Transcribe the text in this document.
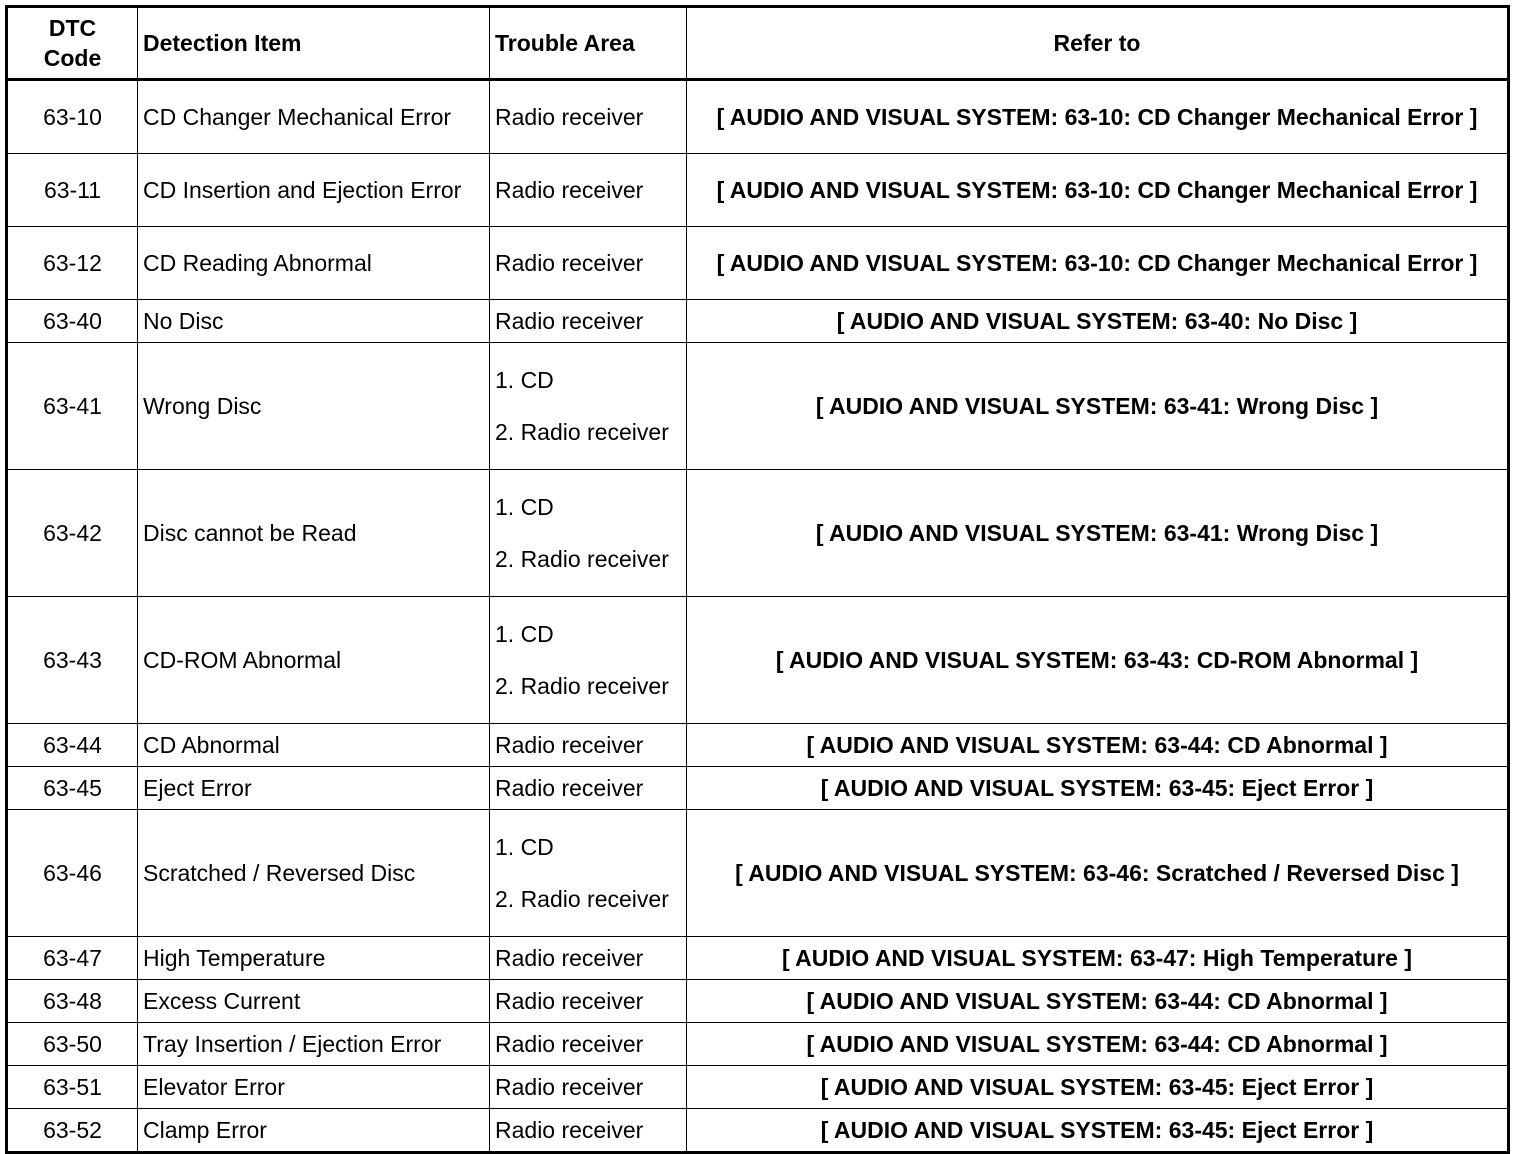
DTC
Code	Detection Item	Trouble Area	Refer to
63-10	CD Changer Mechanical Error	Radio receiver	[ AUDIO AND VISUAL SYSTEM: 63-10: CD Changer Mechanical Error ]
63-11	CD Insertion and Ejection Error	Radio receiver	[ AUDIO AND VISUAL SYSTEM: 63-10: CD Changer Mechanical Error ]
63-12	CD Reading Abnormal	Radio receiver	[ AUDIO AND VISUAL SYSTEM: 63-10: CD Changer Mechanical Error ]
63-40	No Disc	Radio receiver	[ AUDIO AND VISUAL SYSTEM: 63-40: No Disc ]
63-41	Wrong Disc	1. CD
2. Radio receiver	[ AUDIO AND VISUAL SYSTEM: 63-41: Wrong Disc ]
63-42	Disc cannot be Read	1. CD
2. Radio receiver	[ AUDIO AND VISUAL SYSTEM: 63-41: Wrong Disc ]
63-43	CD-ROM Abnormal	1. CD
2. Radio receiver	[ AUDIO AND VISUAL SYSTEM: 63-43: CD-ROM Abnormal ]
63-44	CD Abnormal	Radio receiver	[ AUDIO AND VISUAL SYSTEM: 63-44: CD Abnormal ]
63-45	Eject Error	Radio receiver	[ AUDIO AND VISUAL SYSTEM: 63-45: Eject Error ]
63-46	Scratched / Reversed Disc	1. CD
2. Radio receiver	[ AUDIO AND VISUAL SYSTEM: 63-46: Scratched / Reversed Disc ]
63-47	High Temperature	Radio receiver	[ AUDIO AND VISUAL SYSTEM: 63-47: High Temperature ]
63-48	Excess Current	Radio receiver	[ AUDIO AND VISUAL SYSTEM: 63-44: CD Abnormal ]
63-50	Tray Insertion / Ejection Error	Radio receiver	[ AUDIO AND VISUAL SYSTEM: 63-44: CD Abnormal ]
63-51	Elevator Error	Radio receiver	[ AUDIO AND VISUAL SYSTEM: 63-45: Eject Error ]
63-52	Clamp Error	Radio receiver	[ AUDIO AND VISUAL SYSTEM: 63-45: Eject Error ]
